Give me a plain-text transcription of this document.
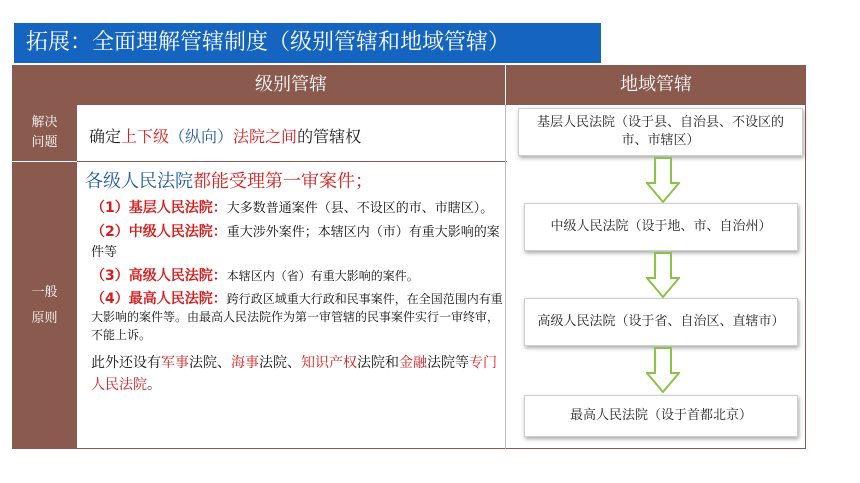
拓展：全面理解管辖制度（级别管辖和地域管辖）
级别管辖	地域管辖
解决
问题
一般
原则
确定上下级（纵向）法院之间的管辖权
各级人民法院都能受理第一审案件；
（1）基层人民法院：大多数普通案件（县、不设区的市、市瞎区）。
（2）中级人民法院：重大涉外案件；本辖区内（市）有重大影响的案件等
（3）高级人民法院：本辖区内（省）有重大影响的案件。
（4）最高人民法院：跨行政区域重大行政和民事案件，在全国范围内有重大影响的案件等。由最高人民法院作为第一审管辖的民事案件实行一审终审，不能上诉。
此外还设有军事法院、海事法院、知识产权法院和金融法院等专门人民法院。
基层人民法院（设于县、自治县、不设区的市、市辖区）
中级人民法院（设于地、市、自治州）
高级人民法院（设于省、自治区、直辖市）
最高人民法院（设于首都北京）
